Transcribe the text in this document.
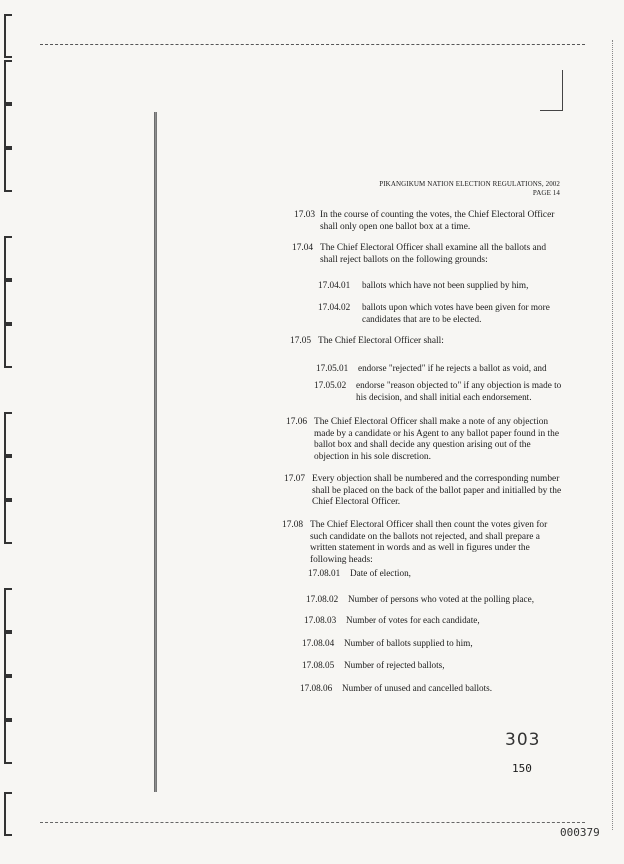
PIKANGIKUM NATION ELECTION REGULATIONS, 2002
PAGE 14
17.03 In the course of counting the votes, the Chief Electoral Officer shall only open one ballot box at a time.
17.04 The Chief Electoral Officer shall examine all the ballots and shall reject ballots on the following grounds:
17.04.01 ballots which have not been supplied by him,
17.04.02 ballots upon which votes have been given for more candidates that are to be elected.
17.05 The Chief Electoral Officer shall:
17.05.01 endorse "rejected" if he rejects a ballot as void, and
17.05.02 endorse "reason objected to" if any objection is made to his decision, and shall initial each endorsement.
17.06 The Chief Electoral Officer shall make a note of any objection made by a candidate or his Agent to any ballot paper found in the ballot box and shall decide any question arising out of the objection in his sole discretion.
17.07 Every objection shall be numbered and the corresponding number shall be placed on the back of the ballot paper and initialled by the Chief Electoral Officer.
17.08 The Chief Electoral Officer shall then count the votes given for such candidate on the ballots not rejected, and shall prepare a written statement in words and as well in figures under the following heads:
17.08.01 Date of election,
17.08.02 Number of persons who voted at the polling place,
17.08.03 Number of votes for each candidate,
17.08.04 Number of ballots supplied to him,
17.08.05 Number of rejected ballots,
17.08.06 Number of unused and cancelled ballots.
303
150
000379
